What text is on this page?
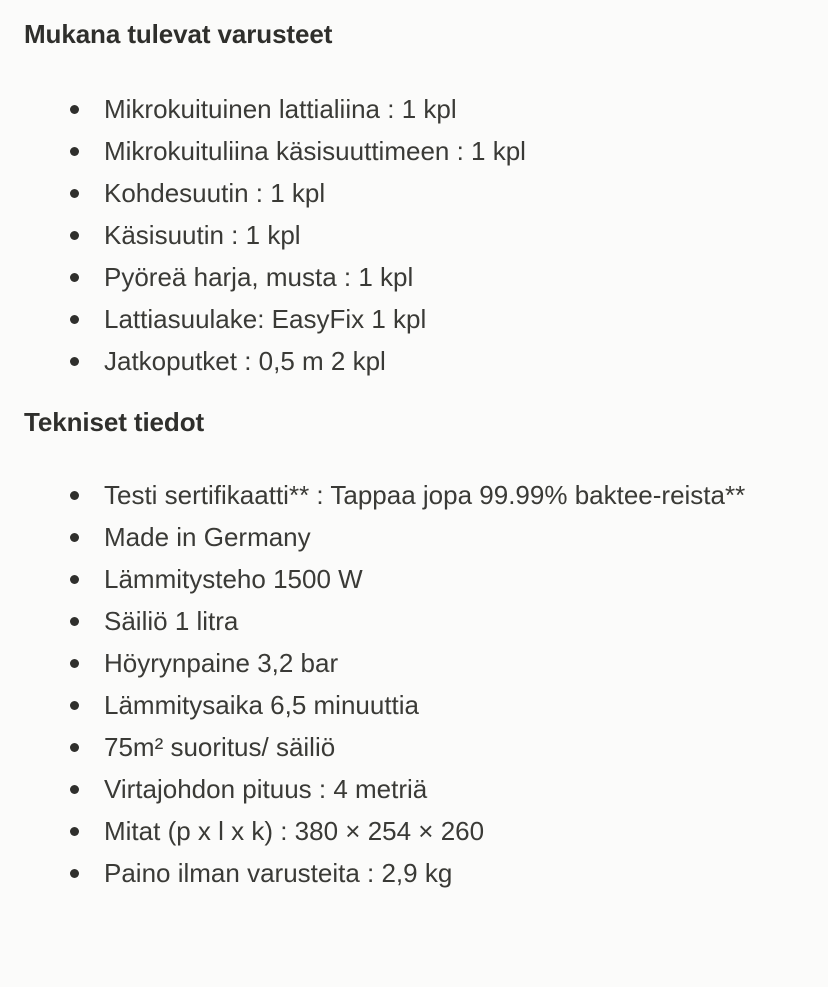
Mukana tulevat varusteet
Mikrokuituinen lattialiina : 1 kpl
Mikrokuituliina käsisuuttimeen : 1 kpl
Kohdesuutin : 1 kpl
Käsisuutin : 1 kpl
Pyöreä harja, musta : 1 kpl
Lattiasuulake: EasyFix 1 kpl
Jatkoputket : 0,5 m 2 kpl
Tekniset tiedot
Testi sertifikaatti** : Tappaa jopa 99.99% baktee-reista**
Made in Germany
Lämmitysteho 1500 W
Säiliö 1 litra
Höyrynpaine 3,2 bar
Lämmitysaika 6,5 minuuttia
75m² suoritus/ säiliö
Virtajohdon pituus : 4 metriä
Mitat (p x l x k) : 380 × 254 × 260
Paino ilman varusteita : 2,9 kg
